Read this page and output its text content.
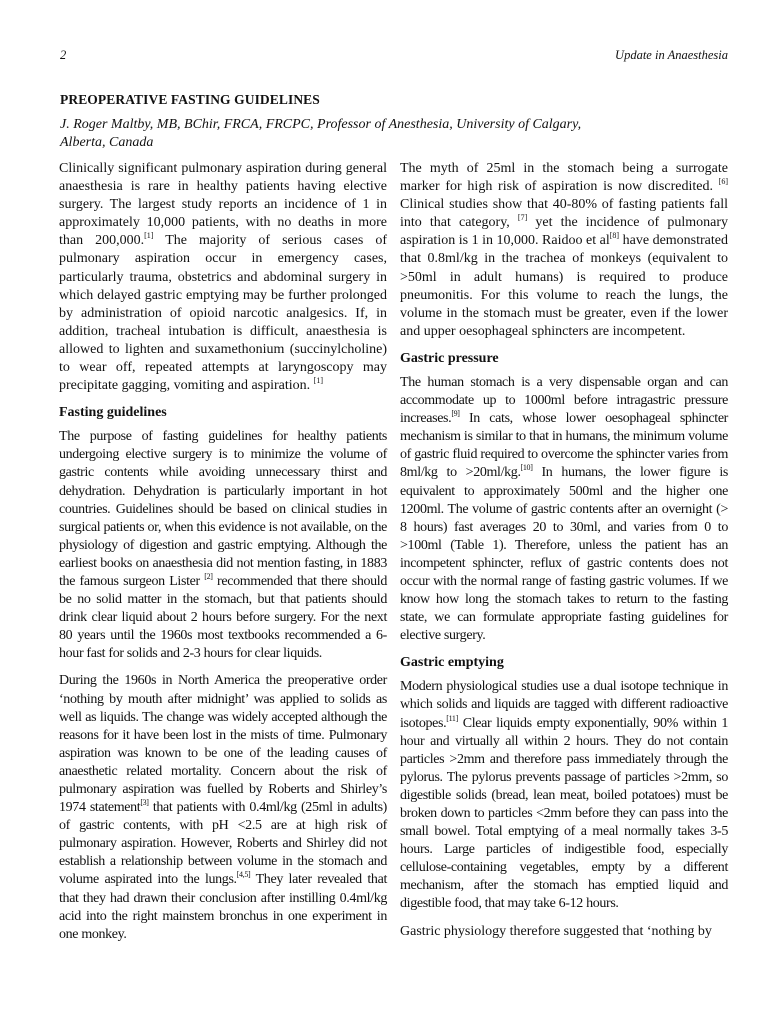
2	Update in Anaesthesia
PREOPERATIVE FASTING GUIDELINES
J. Roger Maltby, MB, BChir, FRCA, FRCPC, Professor of Anesthesia, University of Calgary,
Alberta, Canada

Clinically significant pulmonary aspiration during general anaesthesia is rare in healthy patients having elective surgery. The largest study reports an incidence of 1 in approximately 10,000 patients, with no deaths in more than 200,000.[1] The majority of serious cases of pulmonary aspiration occur in emergency cases, particularly trauma, obstetrics and abdominal surgery in which delayed gastric emptying may be further prolonged by administration of opioid narcotic analgesics. If, in addition, tracheal intubation is difficult, anaesthesia is allowed to lighten and suxamethonium (succinylcholine) to wear off, repeated attempts at laryngoscopy may precipitate gagging, vomiting and aspiration. [1]

Fasting guidelines

The purpose of fasting guidelines for healthy patients undergoing elective surgery is to minimize the volume of gastric contents while avoiding unnecessary thirst and dehydration. Dehydration is particularly important in hot countries. Guidelines should be based on clinical studies in surgical patients or, when this evidence is not available, on the physiology of digestion and gastric emptying. Although the earliest books on anaesthesia did not mention fasting, in 1883 the famous surgeon Lister [2] recommended that there should be no solid matter in the stomach, but that patients should drink clear liquid about 2 hours before surgery. For the next 80 years until the 1960s most textbooks recommended a 6-hour fast for solids and 2-3 hours for clear liquids.

During the 1960s in North America the preoperative order ‘nothing by mouth after midnight’ was applied to solids as well as liquids. The change was widely accepted although the reasons for it have been lost in the mists of time. Pulmonary aspiration was known to be one of the leading causes of anaesthetic related mortality. Concern about the risk of pulmonary aspiration was fuelled by Roberts and Shirley’s 1974 statement[3] that patients with 0.4ml/kg (25ml in adults) of gastric contents, with pH <2.5 are at high risk of pulmonary aspiration. However, Roberts and Shirley did not establish a relationship between volume in the stomach and volume aspirated into the lungs.[4,5] They later revealed that that they had drawn their conclusion after instilling 0.4ml/kg acid into the right mainstem bronchus in one experiment in one monkey.

The myth of 25ml in the stomach being a surrogate marker for high risk of aspiration is now discredited. [6] Clinical studies show that 40-80% of fasting patients fall into that category, [7] yet the incidence of pulmonary aspiration is 1 in 10,000. Raidoo et al[8] have demonstrated that 0.8ml/kg in the trachea of monkeys (equivalent to >50ml in adult humans) is required to produce pneumonitis. For this volume to reach the lungs, the volume in the stomach must be greater, even if the lower and upper oesophageal sphincters are incompetent.

Gastric pressure

The human stomach is a very dispensable organ and can accommodate up to 1000ml before intragastric pressure increases.[9] In cats, whose lower oesophageal sphincter mechanism is similar to that in humans, the minimum volume of gastric fluid required to overcome the sphincter varies from 8ml/kg to >20ml/kg.[10] In humans, the lower figure is equivalent to approximately 500ml and the higher one 1200ml. The volume of gastric contents after an overnight (> 8 hours) fast averages 20 to 30ml, and varies from 0 to >100ml (Table 1). Therefore, unless the patient has an incompetent sphincter, reflux of gastric contents does not occur with the normal range of fasting gastric volumes. If we know how long the stomach takes to return to the fasting state, we can formulate appropriate fasting guidelines for elective surgery.

Gastric emptying

Modern physiological studies use a dual isotope technique in which solids and liquids are tagged with different radioactive isotopes.[11] Clear liquids empty exponentially, 90% within 1 hour and virtually all within 2 hours. They do not contain particles >2mm and therefore pass immediately through the pylorus. The pylorus prevents passage of particles >2mm, so digestible solids (bread, lean meat, boiled potatoes) must be broken down to particles <2mm before they can pass into the small bowel. Total emptying of a meal normally takes 3-5 hours. Large particles of indigestible food, especially cellulose-containing vegetables, empty by a different mechanism, after the stomach has emptied liquid and digestible food, that may take 6-12 hours.

Gastric physiology therefore suggested that ‘nothing by
